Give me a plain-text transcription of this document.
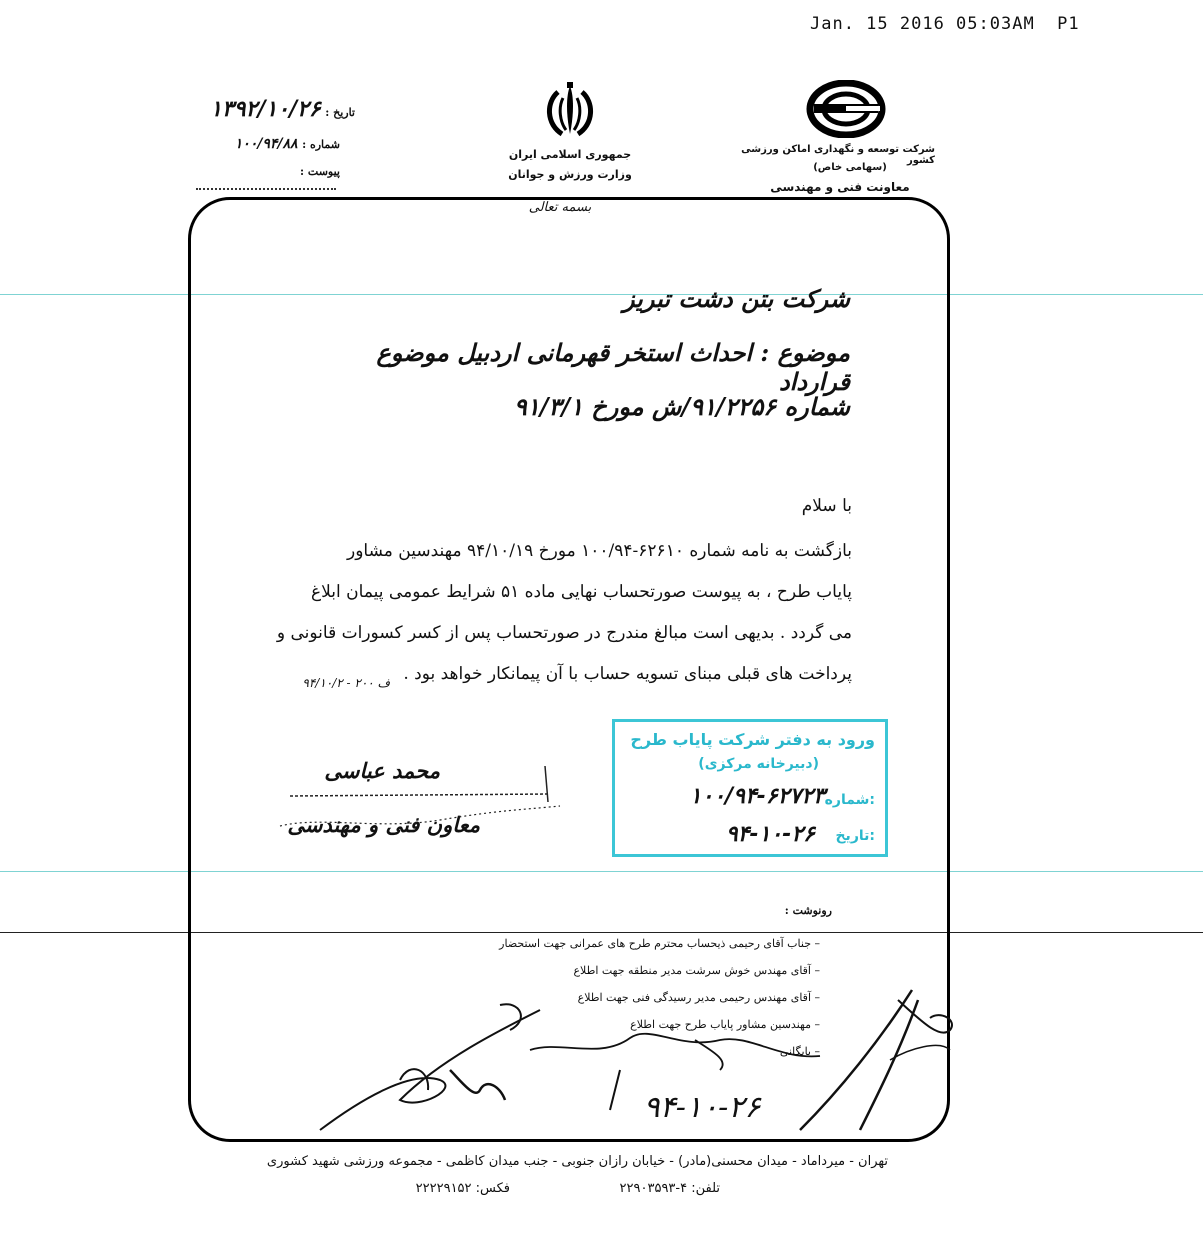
Jan. 15 2016 05:03AM  P1
تاریخ : ۱۳۹۲/۱۰/۲۶
شماره : ۱۰۰/۹۴/۸۸
پیوست :
جمهوری اسلامی ایران
وزارت ورزش و جوانان
بسمه تعالی
شرکت توسعه و نگهداری اماکن ورزشی کشور
(سهامی خاص)
معاونت فنی و مهندسی
شرکت بتن دشت تبریز
موضوع : احداث استخر قهرمانی اردبیل موضوع قرارداد
شماره ۹۱/۲۲۵۶/ش مورخ ۹۱/۳/۱
با سلام
بازگشت به نامه شماره ۶۲۶۱۰-۱۰۰/۹۴ مورخ ۹۴/۱۰/۱۹ مهندسین مشاور
پایاب طرح ، به پیوست صورتحساب نهایی ماده ۵۱ شرایط عمومی پیمان ابلاغ
می گردد . بدیهی است مبالغ مندرج در صورتحساب پس از کسر کسورات قانونی و
پرداخت های قبلی مبنای تسویه حساب با آن پیمانکار خواهد بود .
ف ۲۰۰ - ۹۴/۱۰/۲
محمد عباسی
معاون فنی و مهندسی
ورود به دفتر شرکت پایاب طرح
(دبیرخانه مرکزی)
شماره:
۱۰۰/۹۴-۶۲۷۲۳
تاریخ:
۹۴-۱۰-۲۶
رونوشت :
– جناب آقای رحیمی ذیحساب محترم طرح های عمرانی جهت استحضار
– آقای مهندس خوش سرشت مدیر منطقه جهت اطلاع
– آقای مهندس رحیمی مدیر رسیدگی فنی جهت اطلاع
– مهندسین مشاور پایاب طرح جهت اطلاع
– بایگانی
۹۴-۱۰-۲۶
تهران - میرداماد - میدان محسنی(مادر) - خیابان رازان جنوبی - جنب میدان کاظمی - مجموعه ورزشی شهید کشوری
تلفن: ۴-۲۲۹۰۳۵۹۳
فکس: ۲۲۲۲۹۱۵۲
